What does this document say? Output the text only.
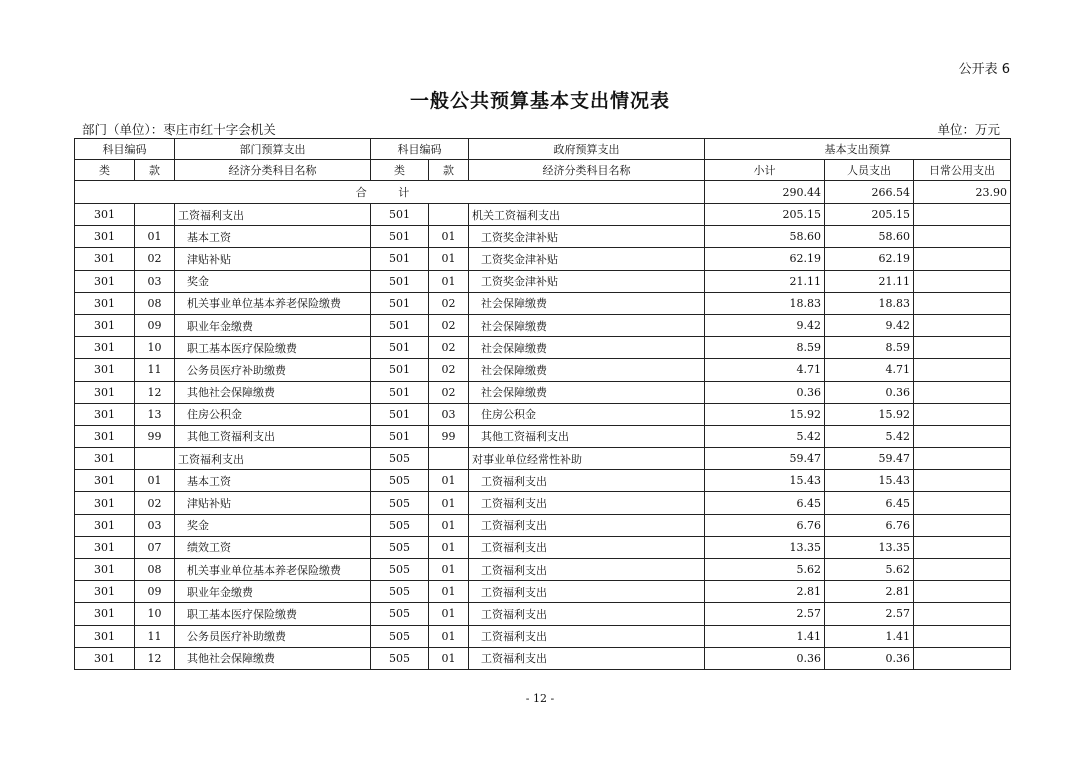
公开表 6
一般公共预算基本支出情况表
部门（单位）：枣庄市红十字会机关	单位：万元
科目编码		部门预算支出	科目编码		政府预算支出	基本支出预算		
类	款	经济分类科目名称	类	款	经济分类科目名称	小计	人员支出	日常公用支出
合 计						290.44	266.54	23.90
301		工资福利支出	501		机关工资福利支出	205.15	205.15	
301	01	基本工资	501	01	工资奖金津补贴	58.60	58.60	
301	02	津贴补贴	501	01	工资奖金津补贴	62.19	62.19	
301	03	奖金	501	01	工资奖金津补贴	21.11	21.11	
301	08	机关事业单位基本养老保险缴费	501	02	社会保障缴费	18.83	18.83	
301	09	职业年金缴费	501	02	社会保障缴费	9.42	9.42	
301	10	职工基本医疗保险缴费	501	02	社会保障缴费	8.59	8.59	
301	11	公务员医疗补助缴费	501	02	社会保障缴费	4.71	4.71	
301	12	其他社会保障缴费	501	02	社会保障缴费	0.36	0.36	
301	13	住房公积金	501	03	住房公积金	15.92	15.92	
301	99	其他工资福利支出	501	99	其他工资福利支出	5.42	5.42	
301		工资福利支出	505		对事业单位经常性补助	59.47	59.47	
301	01	基本工资	505	01	工资福利支出	15.43	15.43	
301	02	津贴补贴	505	01	工资福利支出	6.45	6.45	
301	03	奖金	505	01	工资福利支出	6.76	6.76	
301	07	绩效工资	505	01	工资福利支出	13.35	13.35	
301	08	机关事业单位基本养老保险缴费	505	01	工资福利支出	5.62	5.62	
301	09	职业年金缴费	505	01	工资福利支出	2.81	2.81	
301	10	职工基本医疗保险缴费	505	01	工资福利支出	2.57	2.57	
301	11	公务员医疗补助缴费	505	01	工资福利支出	1.41	1.41	
301	12	其他社会保障缴费	505	01	工资福利支出	0.36	0.36	
- 12 -
